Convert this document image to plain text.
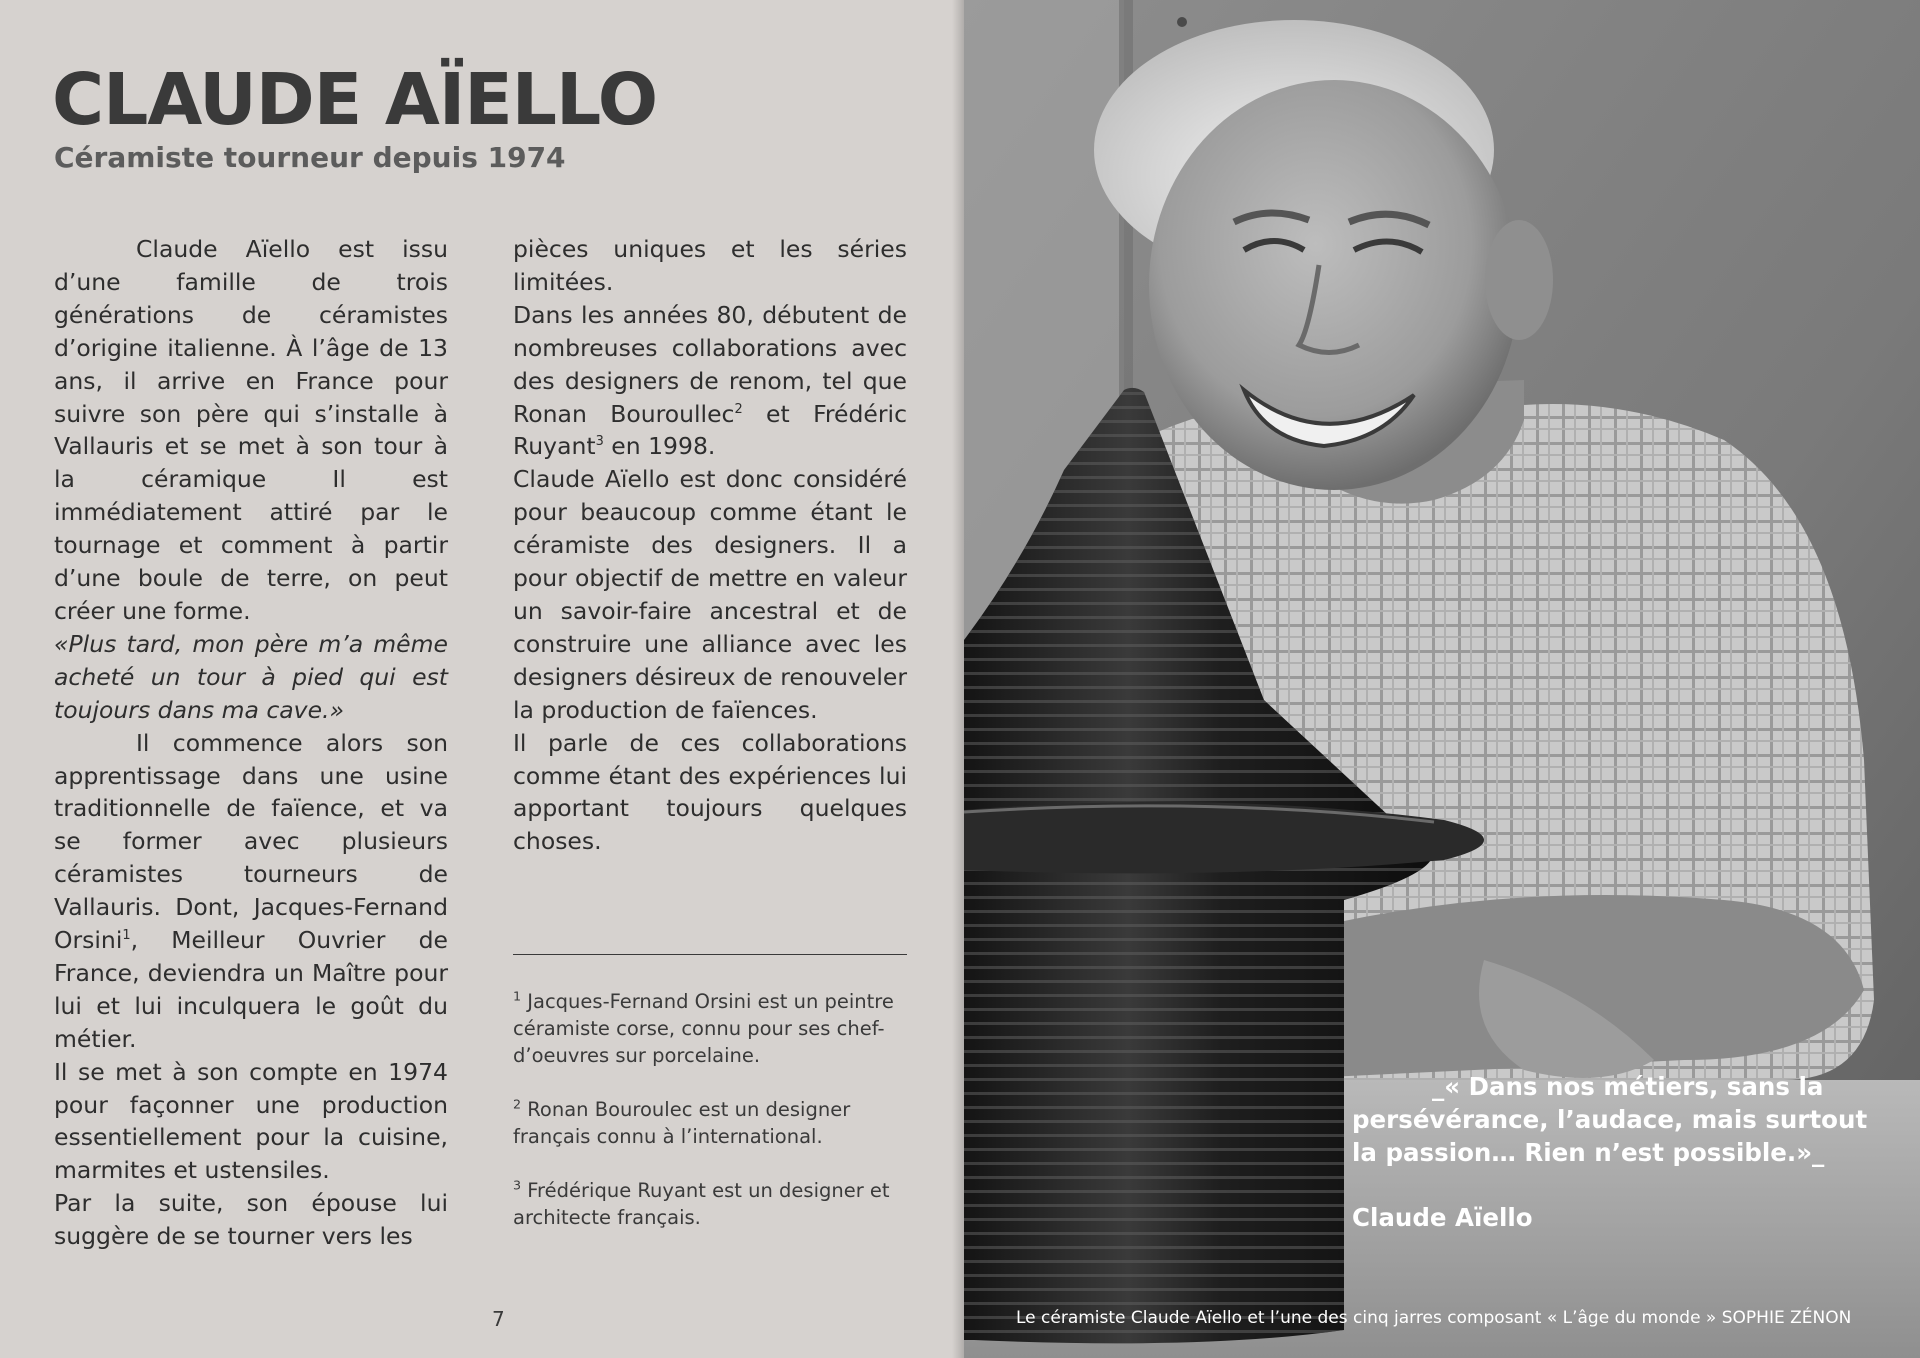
CLAUDE AÏELLO
Céramiste tourneur depuis 1974

Claude Aïello est issu d’une famille de trois générations de céramistes d’origine italienne. À l’âge de 13 ans, il arrive en France pour suivre son père qui s’installe à Vallauris et se met à son tour à la céramique Il est immédiatement attiré par le tournage et comment à partir d’une boule de terre, on peut créer une forme.

«Plus tard, mon père m’a même acheté un tour à pied qui est toujours dans ma cave.»

Il commence alors son apprentissage dans une usine traditionnelle de faïence, et va se former avec plusieurs céramistes tourneurs de Vallauris. Dont, Jacques-Fernand Orsini$^1$, Meilleur Ouvrier de France, deviendra un Maître pour lui et lui inculquera le goût du métier.

Il se met à son compte en 1974 pour façonner une production essentiellement pour la cuisine, marmites et ustensiles.

Par la suite, son épouse lui suggère de se tourner vers les

pièces uniques et les séries limitées.

Dans les années 80, débutent de nombreuses collaborations avec des designers de renom, tel que Ronan Bouroullec$^2$ et Frédéric Ruyant$^3$ en 1998.

Claude Aïello est donc considéré pour beaucoup comme étant le céramiste des designers. Il a pour objectif de mettre en valeur un savoir-faire ancestral et de construire une alliance avec les designers désireux de renouveler la production de faïences.

Il parle de ces collaborations comme étant des expériences lui apportant toujours quelques choses.

$^1$ Jacques-Fernand Orsini est un peintre céramiste corse, connu pour ses chef-d’oeuvres sur porcelaine.

$^2$ Ronan Bouroulec est un designer français connu à l’international.

$^3$ Frédérique Ruyant est un designer et architecte français.

7

_« Dans nos métiers, sans la persévérance, l’audace, mais surtout la passion… Rien n’est possible.»_

Claude Aïello
Le céramiste Claude Aïello et l’une des cinq jarres composant « L’âge du monde » SOPHIE ZÉNON
